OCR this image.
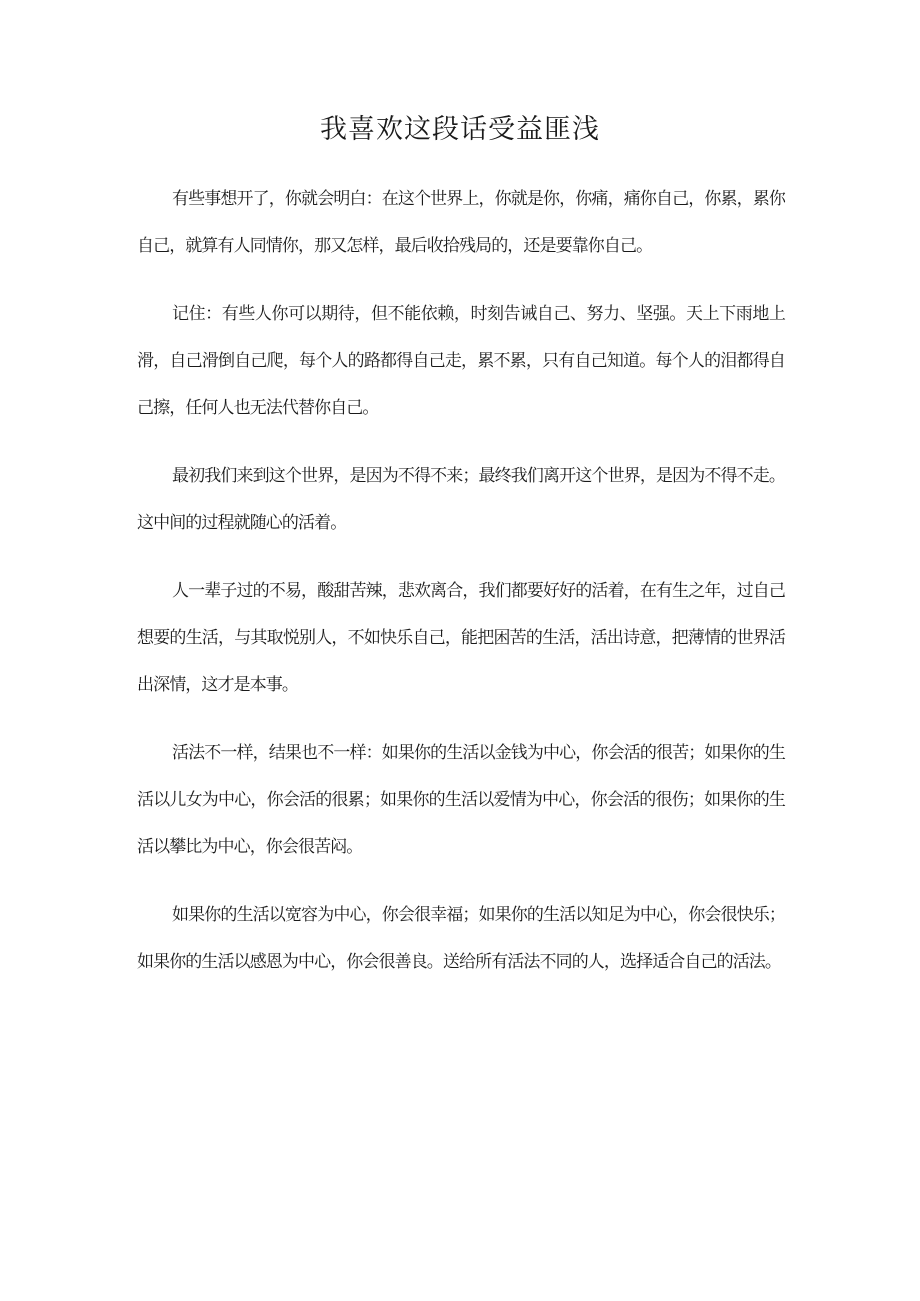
我喜欢这段话受益匪浅

有些事想开了，你就会明白：在这个世界上，你就是你，你痛，痛你自己，你累，累你自己，就算有人同情你，那又怎样，最后收拾残局的，还是要靠你自己。

记住：有些人你可以期待，但不能依赖，时刻告诫自己、努力、坚强。天上下雨地上滑，自己滑倒自己爬，每个人的路都得自己走，累不累，只有自己知道。每个人的泪都得自己擦，任何人也无法代替你自己。

最初我们来到这个世界，是因为不得不来；最终我们离开这个世界，是因为不得不走。这中间的过程就随心的活着。

人一辈子过的不易，酸甜苦辣，悲欢离合，我们都要好好的活着，在有生之年，过自己想要的生活，与其取悦别人，不如快乐自己，能把困苦的生活，活出诗意，把薄情的世界活出深情，这才是本事。

活法不一样，结果也不一样：如果你的生活以金钱为中心，你会活的很苦；如果你的生活以儿女为中心，你会活的很累；如果你的生活以爱情为中心，你会活的很伤；如果你的生活以攀比为中心，你会很苦闷。

如果你的生活以宽容为中心，你会很幸福；如果你的生活以知足为中心，你会很快乐；如果你的生活以感恩为中心，你会很善良。送给所有活法不同的人，选择适合自己的活法。
